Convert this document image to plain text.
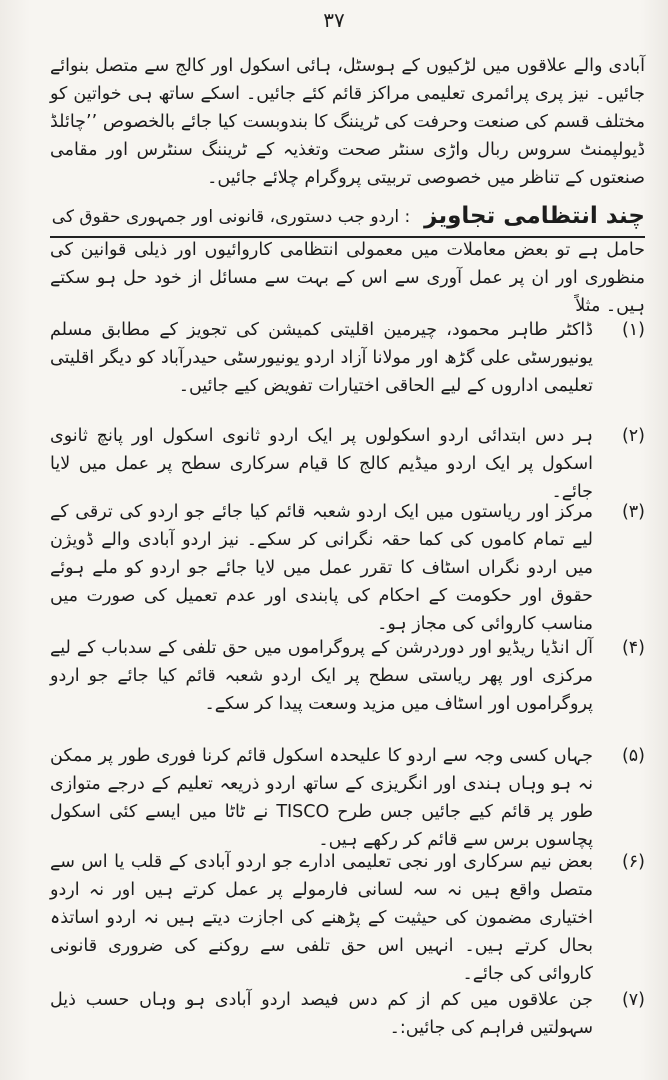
۳۷
آبادی والے علاقوں میں لڑکیوں کے ہوسٹل، ہائی اسکول اور کالج سے متصل بنوائے جائیں۔ نیز پری پرائمری تعلیمی مراکز قائم کئے جائیں۔ اسکے ساتھ ہی خواتین کو مختلف قسم کی صنعت وحرفت کی ٹریننگ کا بندوبست کیا جائے بالخصوص ’’چائلڈ ڈیولپمنٹ سروس ربال واڑی سنٹر صحت وتغذیہ کے ٹریننگ سنٹرس اور مقامی صنعتوں کے تناظر میں خصوصی تربیتی پروگرام چلائے جائیں۔
چند انتظامی تجاویز
: اردو جب دستوری، قانونی اور جمہوری حقوق کی
حامل ہے تو بعض معاملات میں معمولی انتظامی کاروائیوں اور ذیلی قوانین کی منظوری اور ان پر عمل آوری سے اس کے بہت سے مسائل از خود حل ہو سکتے ہیں۔ مثلاً
(۱)
ڈاکٹر طاہر محمود، چیرمین اقلیتی کمیشن کی تجویز کے مطابق مسلم یونیورسٹی علی گڑھ اور مولانا آزاد اردو یونیورسٹی حیدرآباد کو دیگر اقلیتی تعلیمی اداروں کے لیے الحاقی اختیارات تفویض کیے جائیں۔
(۲)
ہر دس ابتدائی اردو اسکولوں پر ایک اردو ثانوی اسکول اور پانچ ثانوی اسکول پر ایک اردو میڈیم کالج کا قیام سرکاری سطح پر عمل میں لایا جائے۔
(۳)
مرکز اور ریاستوں میں ایک اردو شعبہ قائم کیا جائے جو اردو کی ترقی کے لیے تمام کاموں کی کما حقہ نگرانی کر سکے۔ نیز اردو آبادی والے ڈویژن میں اردو نگراں اسٹاف کا تقرر عمل میں لایا جائے جو اردو کو ملے ہوئے حقوق اور حکومت کے احکام کی پابندی اور عدم تعمیل کی صورت میں مناسب کاروائی کی مجاز ہو۔
(۴)
آل انڈیا ریڈیو اور دوردرشن کے پروگراموں میں حق تلفی کے سدباب کے لیے مرکزی اور پھر ریاستی سطح پر ایک اردو شعبہ قائم کیا جائے جو اردو پروگراموں اور اسٹاف میں مزید وسعت پیدا کر سکے۔
(۵)
جہاں کسی وجہ سے اردو کا علیحدہ اسکول قائم کرنا فوری طور پر ممکن نہ ہو وہاں ہندی اور انگریزی کے ساتھ اردو ذریعہ تعلیم کے درجے متوازی طور پر قائم کیے جائیں جس طرح TISCO نے ٹاٹا میں ایسے کئی اسکول پچاسوں برس سے قائم کر رکھے ہیں۔
(۶)
بعض نیم سرکاری اور نجی تعلیمی ادارے جو اردو آبادی کے قلب یا اس سے متصل واقع ہیں نہ سہ لسانی فارمولے پر عمل کرتے ہیں اور نہ اردو اختیاری مضمون کی حیثیت کے پڑھنے کی اجازت دیتے ہیں نہ اردو اساتذہ بحال کرتے ہیں۔ انہیں اس حق تلفی سے روکنے کی ضروری قانونی کاروائی کی جائے۔
(۷)
جن علاقوں میں کم از کم دس فیصد اردو آبادی ہو وہاں حسب ذیل سہولتیں فراہم کی جائیں:۔
